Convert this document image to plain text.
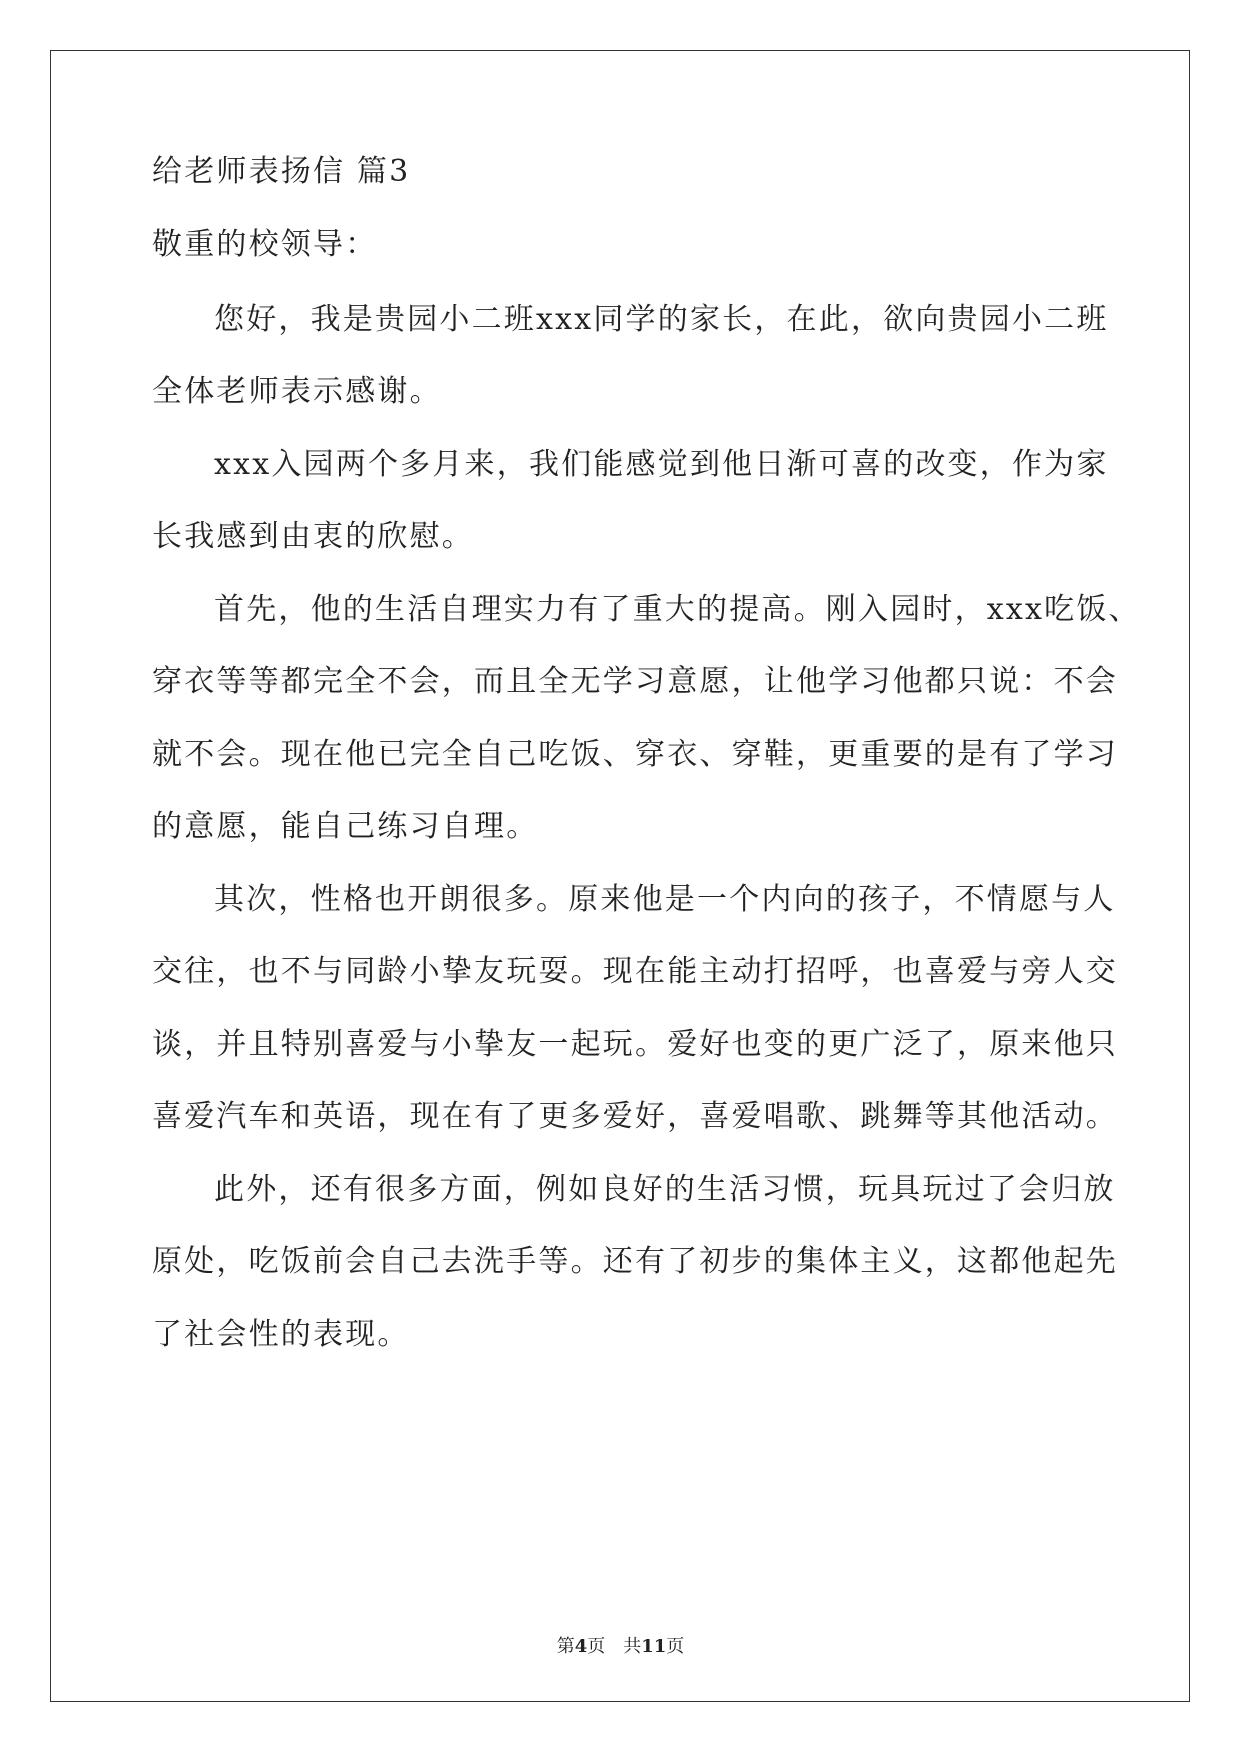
给老师表扬信 篇3
敬重的校领导：
您好，我是贵园小二班xxx同学的家长，在此，欲向贵园小二班
全体老师表示感谢。
xxx入园两个多月来，我们能感觉到他日渐可喜的改变，作为家
长我感到由衷的欣慰。
首先，他的生活自理实力有了重大的提高。刚入园时，xxx吃饭、
穿衣等等都完全不会，而且全无学习意愿，让他学习他都只说：不会
就不会。现在他已完全自己吃饭、穿衣、穿鞋，更重要的是有了学习
的意愿，能自己练习自理。
其次，性格也开朗很多。原来他是一个内向的孩子，不情愿与人
交往，也不与同龄小挚友玩耍。现在能主动打招呼，也喜爱与旁人交
谈，并且特别喜爱与小挚友一起玩。爱好也变的更广泛了，原来他只
喜爱汽车和英语，现在有了更多爱好，喜爱唱歌、跳舞等其他活动。
此外，还有很多方面，例如良好的生活习惯，玩具玩过了会归放
原处，吃饭前会自己去洗手等。还有了初步的集体主义，这都他起先
了社会性的表现。
第4页　共11页
